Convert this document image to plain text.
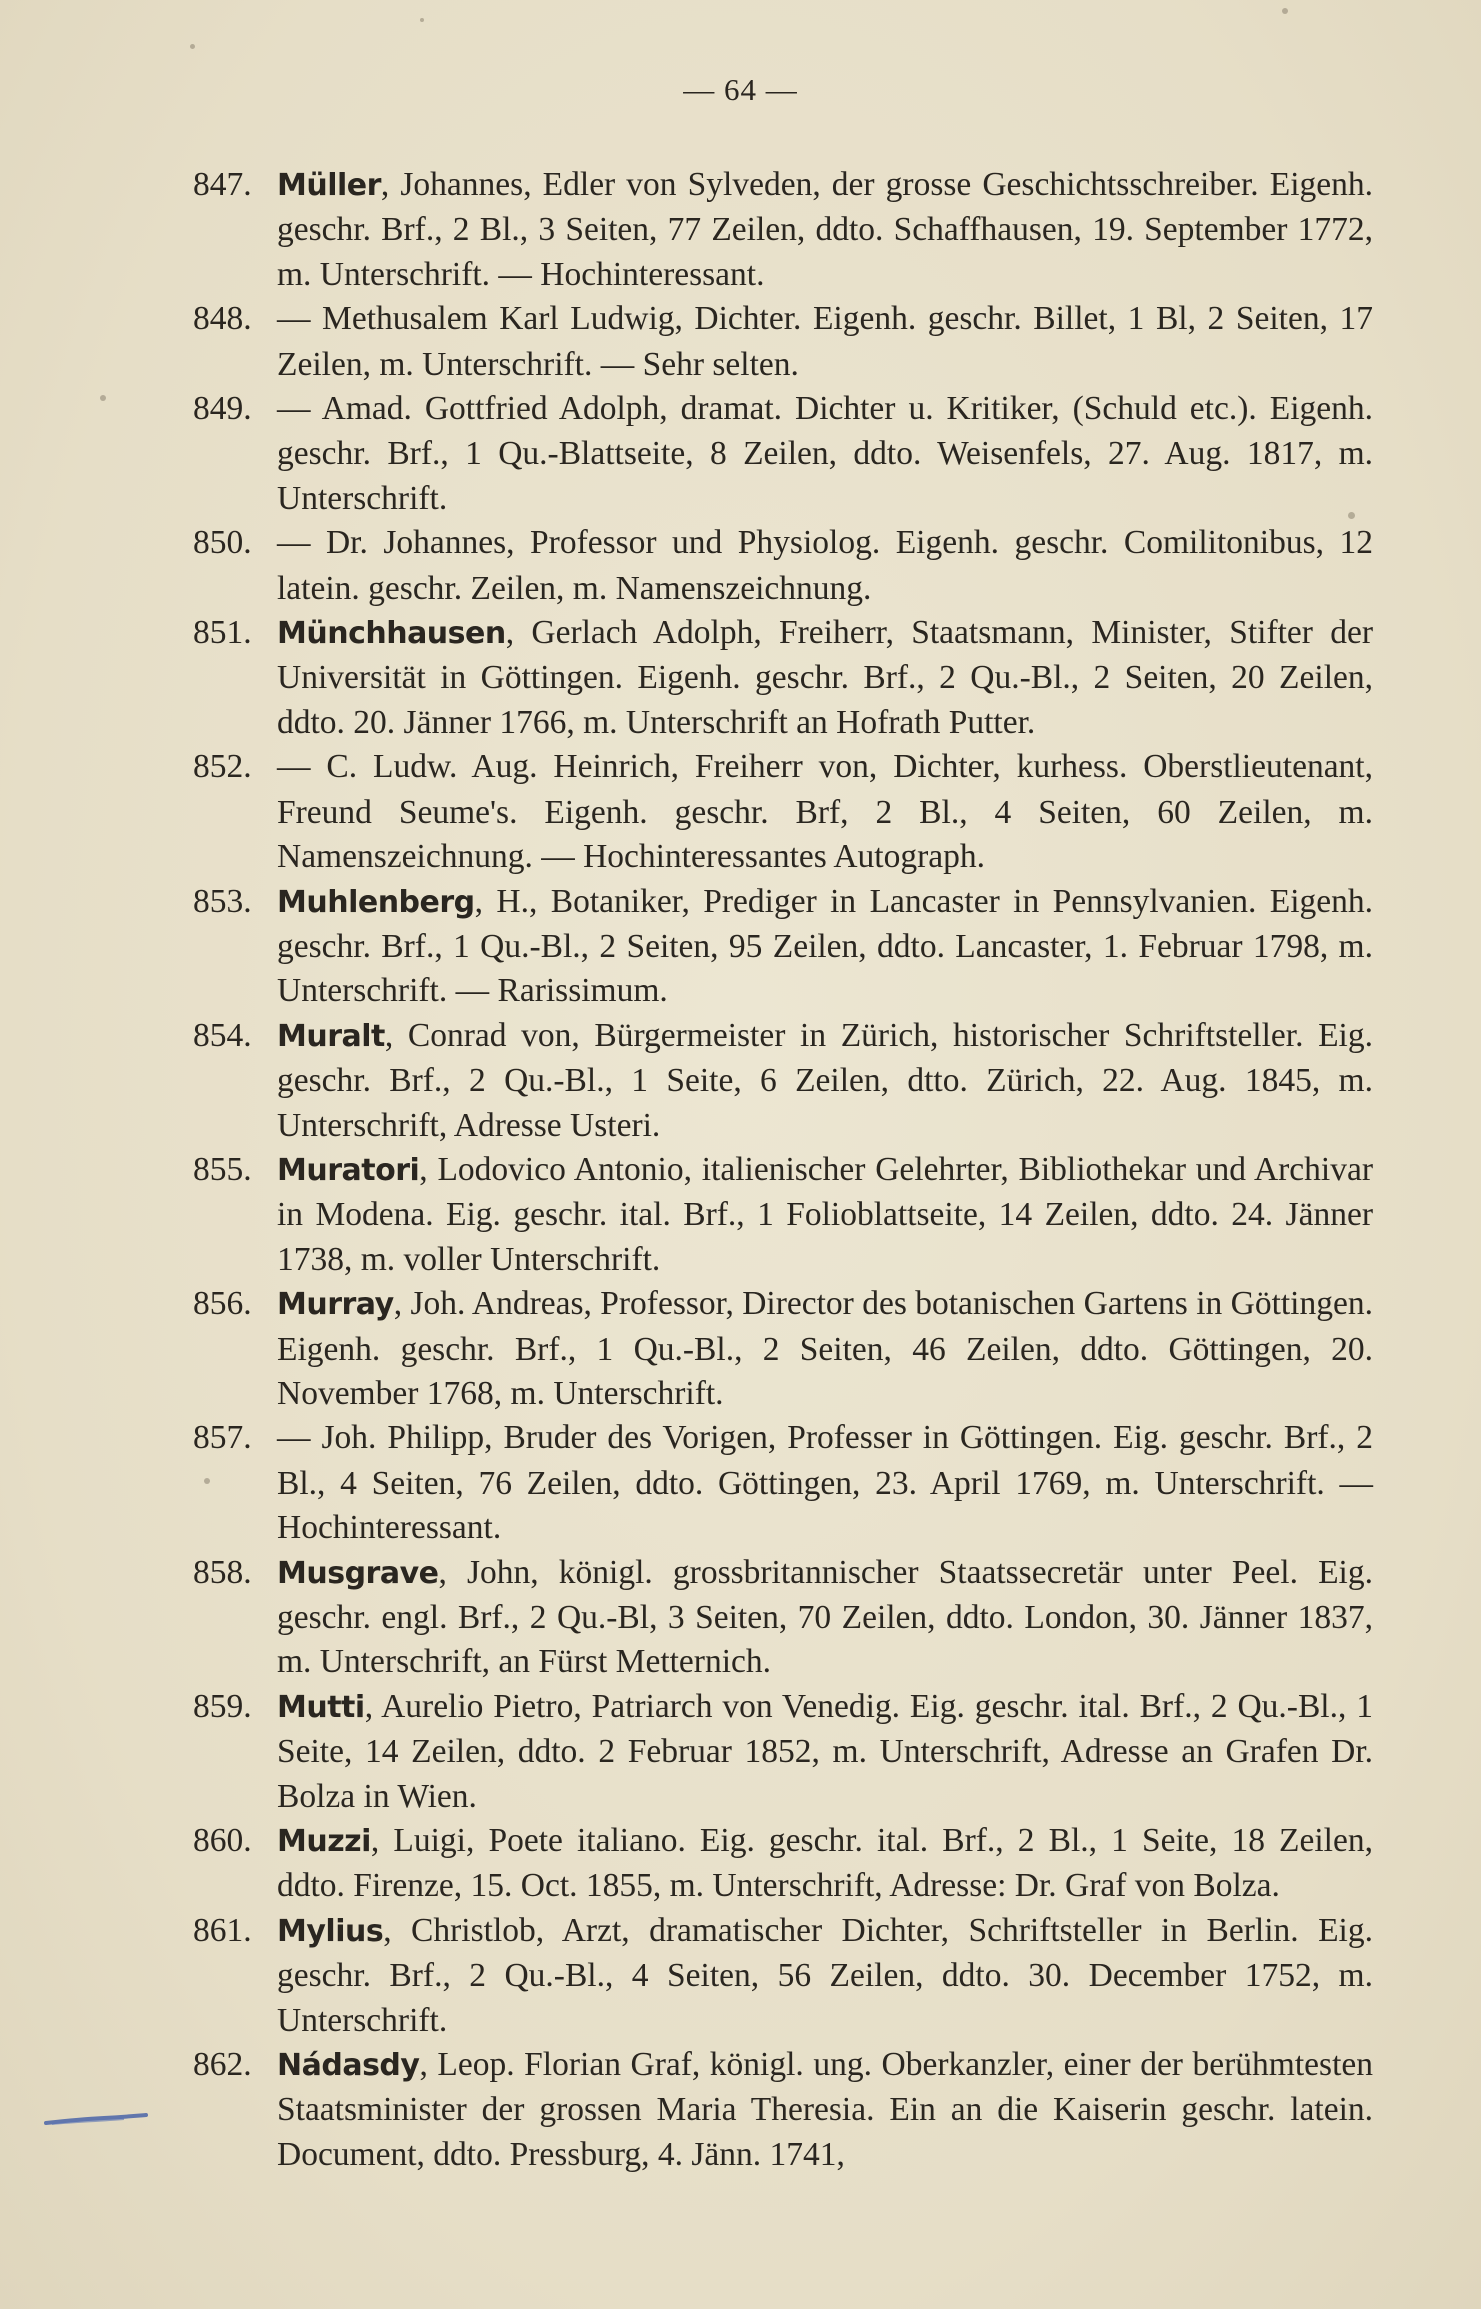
— 64 —
847. Müller, Johannes, Edler von Sylveden, der grosse Geschichtsschreiber. Eigenh. geschr. Brf., 2 Bl., 3 Seiten, 77 Zeilen, ddto. Schaffhausen, 19. September 1772, m. Unterschrift. — Hochinteressant.
848. — Methusalem Karl Ludwig, Dichter. Eigenh. geschr. Billet, 1 Bl, 2 Seiten, 17 Zeilen, m. Unterschrift. — Sehr selten.
849. — Amad. Gottfried Adolph, dramat. Dichter u. Kritiker, (Schuld etc.). Eigenh. geschr. Brf., 1 Qu.-Blattseite, 8 Zeilen, ddto. Weisenfels, 27. Aug. 1817, m. Unterschrift.
850. — Dr. Johannes, Professor und Physiolog. Eigenh. geschr. Comilitonibus, 12 latein. geschr. Zeilen, m. Namenszeichnung.
851. Münchhausen, Gerlach Adolph, Freiherr, Staatsmann, Minister, Stifter der Universität in Göttingen. Eigenh. geschr. Brf., 2 Qu.-Bl., 2 Seiten, 20 Zeilen, ddto. 20. Jänner 1766, m. Unterschrift an Hofrath Putter.
852. — C. Ludw. Aug. Heinrich, Freiherr von, Dichter, kurhess. Oberstlieutenant, Freund Seume's. Eigenh. geschr. Brf, 2 Bl., 4 Seiten, 60 Zeilen, m. Namenszeichnung. — Hochinteressantes Autograph.
853. Muhlenberg, H., Botaniker, Prediger in Lancaster in Pennsylvanien. Eigenh. geschr. Brf., 1 Qu.-Bl., 2 Seiten, 95 Zeilen, ddto. Lancaster, 1. Februar 1798, m. Unterschrift. — Rarissimum.
854. Muralt, Conrad von, Bürgermeister in Zürich, historischer Schriftsteller. Eig. geschr. Brf., 2 Qu.-Bl., 1 Seite, 6 Zeilen, dtto. Zürich, 22. Aug. 1845, m. Unterschrift, Adresse Usteri.
855. Muratori, Lodovico Antonio, italienischer Gelehrter, Bibliothekar und Archivar in Modena. Eig. geschr. ital. Brf., 1 Folioblattseite, 14 Zeilen, ddto. 24. Jänner 1738, m. voller Unterschrift.
856. Murray, Joh. Andreas, Professor, Director des botanischen Gartens in Göttingen. Eigenh. geschr. Brf., 1 Qu.-Bl., 2 Seiten, 46 Zeilen, ddto. Göttingen, 20. November 1768, m. Unterschrift.
857. — Joh. Philipp, Bruder des Vorigen, Professer in Göttingen. Eig. geschr. Brf., 2 Bl., 4 Seiten, 76 Zeilen, ddto. Göttingen, 23. April 1769, m. Unterschrift. — Hochinteressant.
858. Musgrave, John, königl. grossbritannischer Staatssecretär unter Peel. Eig. geschr. engl. Brf., 2 Qu.-Bl, 3 Seiten, 70 Zeilen, ddto. London, 30. Jänner 1837, m. Unterschrift, an Fürst Metternich.
859. Mutti, Aurelio Pietro, Patriarch von Venedig. Eig. geschr. ital. Brf., 2 Qu.-Bl., 1 Seite, 14 Zeilen, ddto. 2 Februar 1852, m. Unterschrift, Adresse an Grafen Dr. Bolza in Wien.
860. Muzzi, Luigi, Poete italiano. Eig. geschr. ital. Brf., 2 Bl., 1 Seite, 18 Zeilen, ddto. Firenze, 15. Oct. 1855, m. Unterschrift, Adresse: Dr. Graf von Bolza.
861. Mylius, Christlob, Arzt, dramatischer Dichter, Schriftsteller in Berlin. Eig. geschr. Brf., 2 Qu.-Bl., 4 Seiten, 56 Zeilen, ddto. 30. December 1752, m. Unterschrift.
862. Nádasdy, Leop. Florian Graf, königl. ung. Oberkanzler, einer der berühmtesten Staatsminister der grossen Maria Theresia. Ein an die Kaiserin geschr. latein. Document, ddto. Pressburg, 4. Jänn. 1741,
